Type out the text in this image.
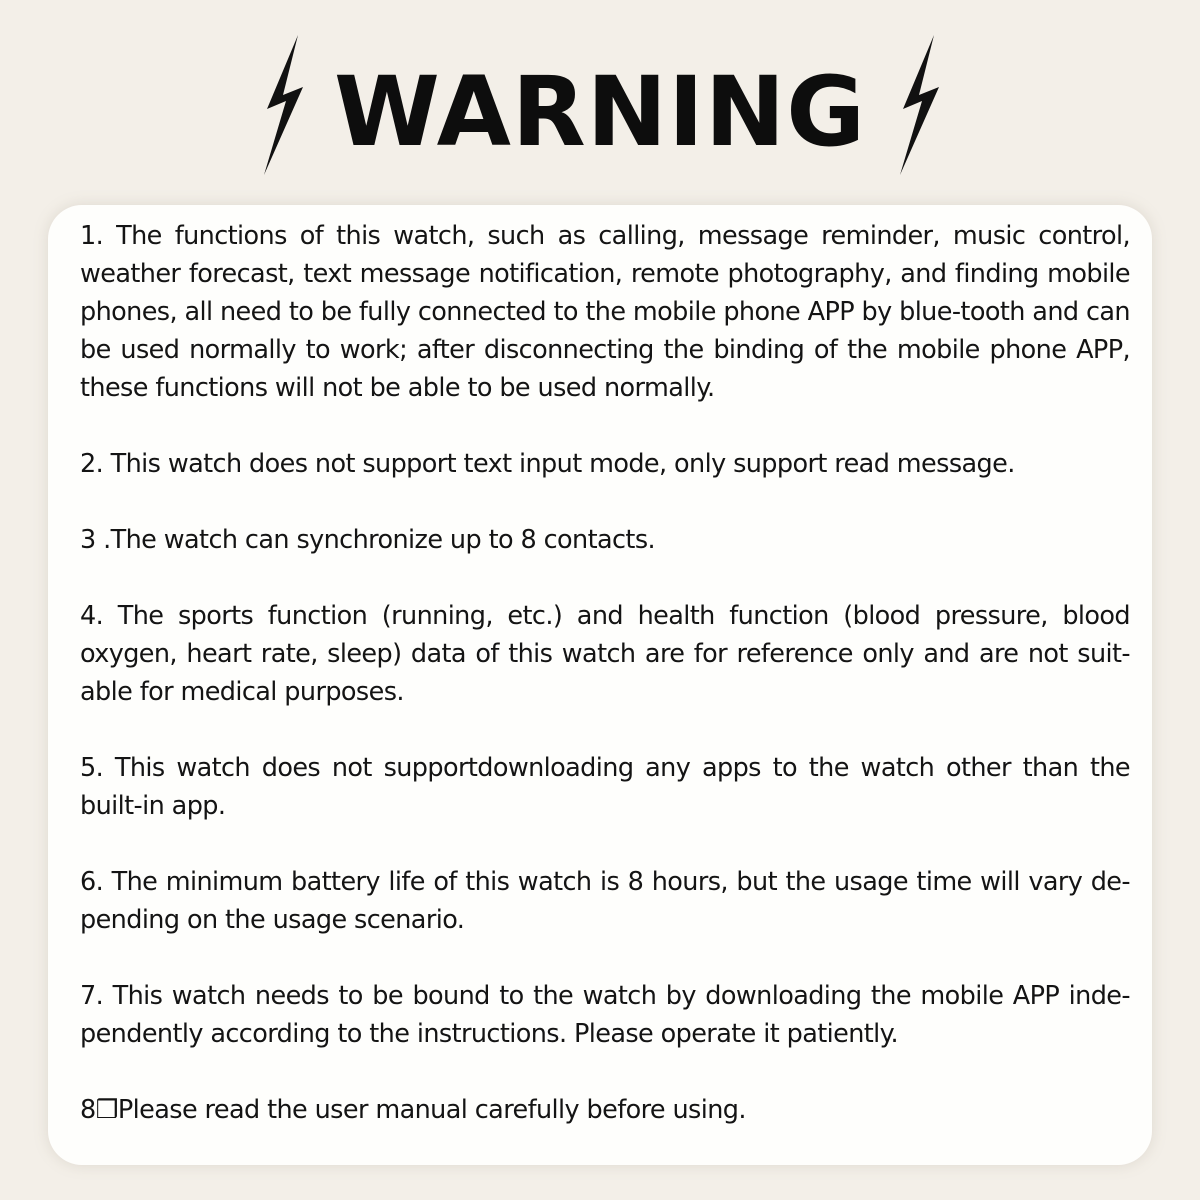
WARNING
1. The functions of this watch, such as calling, message reminder, music control, weather forecast, text message notification, remote photography, and finding mobile phones, all need to be fully connected to the mobile phone APP by blue-tooth and can be used normally to work; after disconnecting the binding of the mobile phone APP, these functions will not be able to be used normally.
2. This watch does not support text input mode, only support read message.
3 .The watch can synchronize up to 8 contacts.
4. The sports function (running, etc.) and health function (blood pressure, blood oxygen, heart rate, sleep) data of this watch are for reference only and are not suit-able for medical purposes.
5. This watch does not supportdownloading any apps to the watch other than the built-in app.
6. The minimum battery life of this watch is 8 hours, but the usage time will vary de-pending on the usage scenario.
7. This watch needs to be bound to the watch by downloading the mobile APP inde-pendently according to the instructions. Please operate it patiently.
8❒Please read the user manual carefully before using.
